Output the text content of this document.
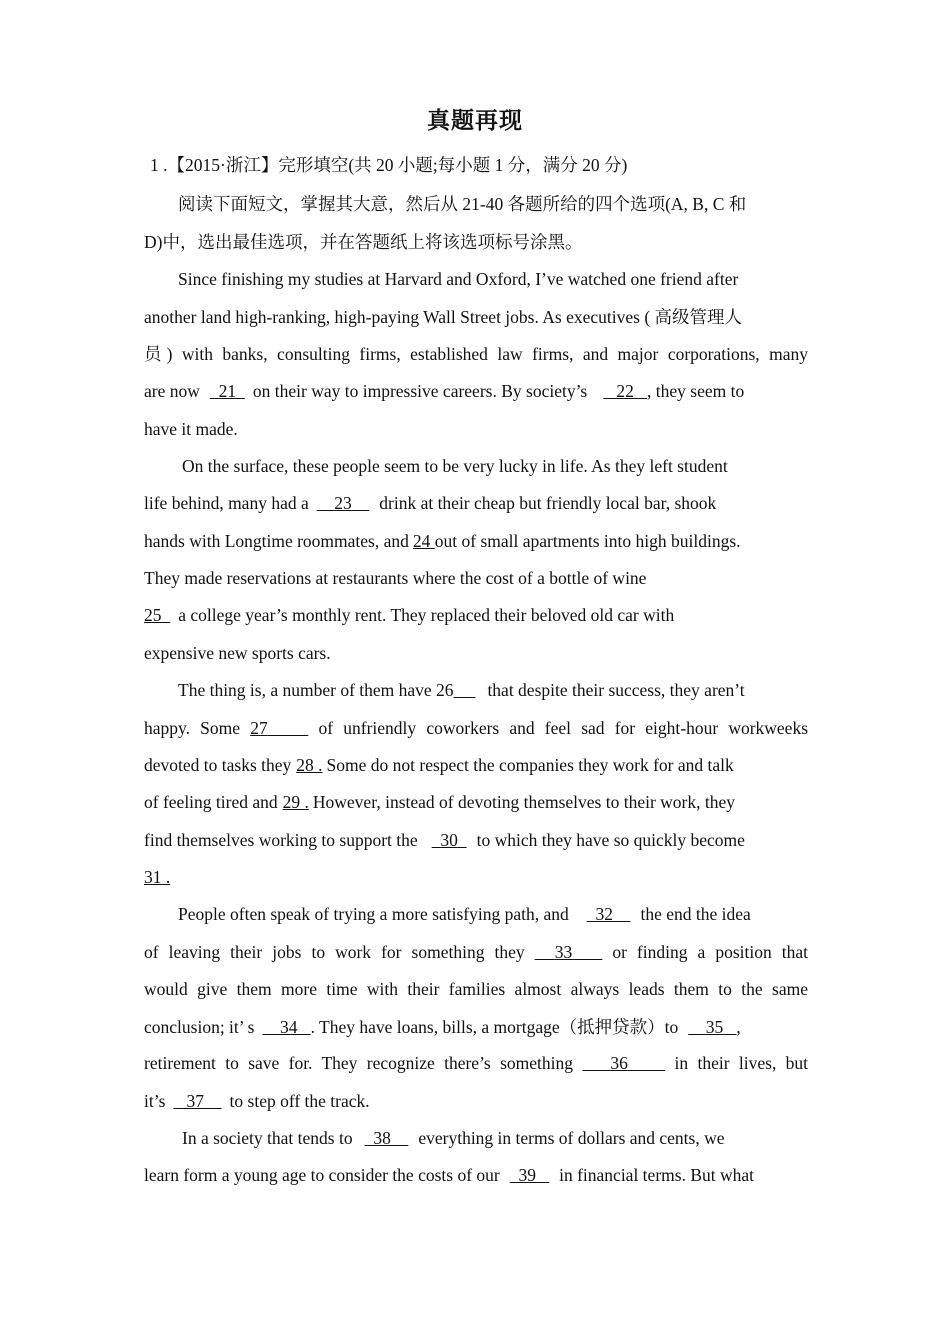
真题再现
1 .【2015·浙江】完形填空(共 20 小题;每小题 1 分，满分 20 分)
阅读下面短文，掌握其大意，然后从 21-40 各题所给的四个选项(A, B, C 和
D)中，选出最佳选项，并在答题纸上将该选项标号涂黑。
Since finishing my studies at Harvard and Oxford, I’ve watched one friend after
another land high-ranking, high-paying Wall Street jobs. As executives ( 高级管理人
员) with banks, consulting firms, established law firms, and major corporations, many
are now 21 on their way to impressive careers. By society’s 22 , they seem to
have it made.
On the surface, these people seem to be very lucky in life. As they left student
life behind, many had a 23 drink at their cheap but friendly local bar, shook
hands with Longtime roommates, and 24 out of small apartments into high buildings.
They made reservations at restaurants where the cost of a bottle of wine
25 a college year’s monthly rent. They replaced their beloved old car with
expensive new sports cars.
The thing is, a number of them have 26 that despite their success, they aren’t
happy. Some 27	of unfriendly coworkers and feel sad for eight-hour workweeks
devoted to tasks they 28 . Some do not respect the companies they work for and talk
of feeling tired and 29 . However, instead of devoting themselves to their work, they
find themselves working to support the 30 to which they have so quickly become
31 .
People often speak of trying a more satisfying path, and 32 the end the idea
of leaving their jobs to work for something they 33 or finding a position that
would give them more time with their families almost always leads them to the same
conclusion; it’ s 34 . They have loans, bills, a mortgage（抵押贷款）to 35 ,
retirement to save for. They recognize there’s something 36	in their lives, but
it’s 37 to step off the track.
In a society that tends to 38 everything in terms of dollars and cents, we
learn form a young age to consider the costs of our 39 in financial terms. But what
